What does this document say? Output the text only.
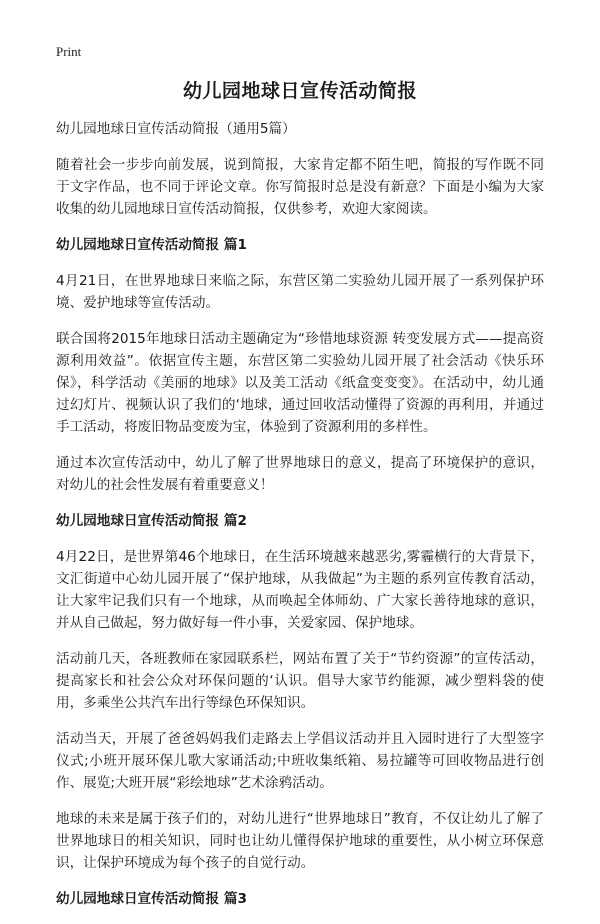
Print
幼儿园地球日宣传活动简报
幼儿园地球日宣传活动简报（通用5篇）

随着社会一步步向前发展，说到简报，大家肯定都不陌生吧，简报的写作既不同于文字作品，也不同于评论文章。你写简报时总是没有新意？下面是小编为大家收集的幼儿园地球日宣传活动简报，仅供参考，欢迎大家阅读。

幼儿园地球日宣传活动简报 篇1

4月21日，在世界地球日来临之际，东营区第二实验幼儿园开展了一系列保护环境、爱护地球等宣传活动。

联合国将2015年地球日活动主题确定为“珍惜地球资源 转变发展方式——提高资源利用效益”。依据宣传主题，东营区第二实验幼儿园开展了社会活动《快乐环保》，科学活动《美丽的地球》以及美工活动《纸盒变变变》。在活动中，幼儿通过幻灯片、视频认识了我们的‘地球，通过回收活动懂得了资源的再利用，并通过手工活动，将废旧物品变废为宝，体验到了资源利用的多样性。

通过本次宣传活动中，幼儿了解了世界地球日的意义，提高了环境保护的意识，对幼儿的社会性发展有着重要意义！

幼儿园地球日宣传活动简报 篇2

4月22日，是世界第46个地球日，在生活环境越来越恶劣,雾霾横行的大背景下，文汇街道中心幼儿园开展了“保护地球，从我做起”为主题的系列宣传教育活动，让大家牢记我们只有一个地球，从而唤起全体师幼、广大家长善待地球的意识，并从自己做起，努力做好每一件小事，关爱家园、保护地球。

活动前几天，各班教师在家园联系栏，网站布置了关于“节约资源”的宣传活动，提高家长和社会公众对环保问题的‘认识。倡导大家节约能源，减少塑料袋的使用，多乘坐公共汽车出行等绿色环保知识。

活动当天，开展了爸爸妈妈我们走路去上学倡议活动并且入园时进行了大型签字仪式;小班开展环保儿歌大家诵活动;中班收集纸箱、易拉罐等可回收物品进行创作、展览;大班开展“彩绘地球”艺术涂鸦活动。

地球的未来是属于孩子们的，对幼儿进行“世界地球日”教育，不仅让幼儿了解了世界地球日的相关知识，同时也让幼儿懂得保护地球的重要性，从小树立环保意识，让保护环境成为每个孩子的自觉行动。

幼儿园地球日宣传活动简报 篇3
